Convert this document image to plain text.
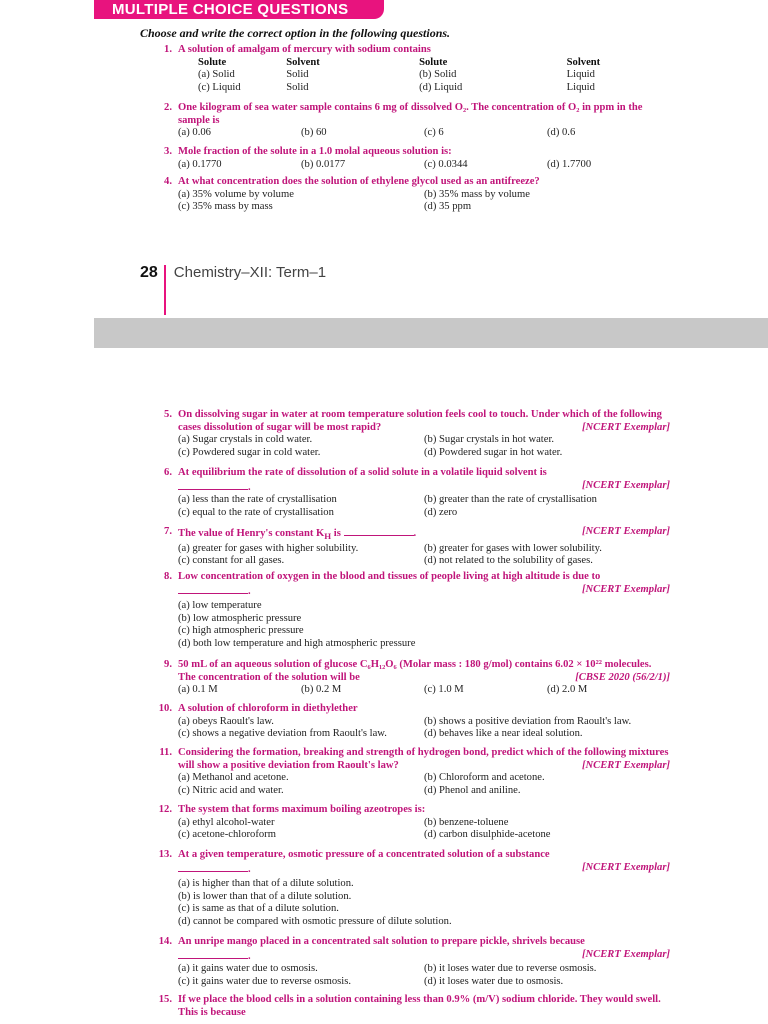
MULTIPLE CHOICE QUESTIONS
Choose and write the correct option in the following questions.
1. A solution of amalgam of mercury with sodium contains
Solute	Solvent	Solute	Solvent
(a) Solid	Solid	(b) Solid	Liquid
(c) Liquid	Solid	(d) Liquid	Liquid
2. One kilogram of sea water sample contains 6 mg of dissolved O₂. The concentration of O₂ in ppm in the sample is
(a) 0.06	(b) 60	(c) 6	(d) 0.6
3. Mole fraction of the solute in a 1.0 molal aqueous solution is:
(a) 0.1770	(b) 0.0177	(c) 0.0344	(d) 1.7700
4. At what concentration does the solution of ethylene glycol used as an antifreeze?
(a) 35% volume by volume	(b) 35% mass by volume
(c) 35% mass by mass	(d) 35 ppm
28 Chemistry–XII: Term–1
5. On dissolving sugar in water at room temperature solution feels cool to touch. Under which of the following cases dissolution of sugar will be most rapid?	[NCERT Exemplar]
(a) Sugar crystals in cold water.	(b) Sugar crystals in hot water.
(c) Powdered sugar in cold water.	(d) Powdered sugar in hot water.
6. At equilibrium the rate of dissolution of a solid solute in a volatile liquid solvent is
.	[NCERT Exemplar]
(a) less than the rate of crystallisation	(b) greater than the rate of crystallisation
(c) equal to the rate of crystallisation	(d) zero
7. The value of Henry's constant $K_H$ is	.	[NCERT Exemplar]
(a) greater for gases with higher solubility.	(b) greater for gases with lower solubility.
(c) constant for all gases.	(d) not related to the solubility of gases.
8. Low concentration of oxygen in the blood and tissues of people living at high altitude is due to
.	[NCERT Exemplar]
(a) low temperature
(b) low atmospheric pressure
(c) high atmospheric pressure
(d) both low temperature and high atmospheric pressure
9. 50 mL of an aqueous solution of glucose C₆H₁₂O₆ (Molar mass : 180 g/mol) contains 6.02 × 10²² molecules. The concentration of the solution will be	[CBSE 2020 (56/2/1)]
(a) 0.1 M	(b) 0.2 M	(c) 1.0 M	(d) 2.0 M
10. A solution of chloroform in diethylether
(a) obeys Raoult's law.	(b) shows a positive deviation from Raoult's law.
(c) shows a negative deviation from Raoult's law.	(d) behaves like a near ideal solution.
11. Considering the formation, breaking and strength of hydrogen bond, predict which of the following mixtures will show a positive deviation from Raoult's law?	[NCERT Exemplar]
(a) Methanol and acetone.	(b) Chloroform and acetone.
(c) Nitric acid and water.	(d) Phenol and aniline.
12. The system that forms maximum boiling azeotropes is:
(a) ethyl alcohol-water	(b) benzene-toluene
(c) acetone-chloroform	(d) carbon disulphide-acetone
13. At a given temperature, osmotic pressure of a concentrated solution of a substance
.	[NCERT Exemplar]
(a) is higher than that of a dilute solution.
(b) is lower than that of a dilute solution.
(c) is same as that of a dilute solution.
(d) cannot be compared with osmotic pressure of dilute solution.
14. An unripe mango placed in a concentrated salt solution to prepare pickle, shrivels because
.	[NCERT Exemplar]
(a) it gains water due to osmosis.	(b) it loses water due to reverse osmosis.
(c) it gains water due to reverse osmosis.	(d) it loses water due to osmosis.
15. If we place the blood cells in a solution containing less than 0.9% (m/V) sodium chloride. They would swell. This is because
